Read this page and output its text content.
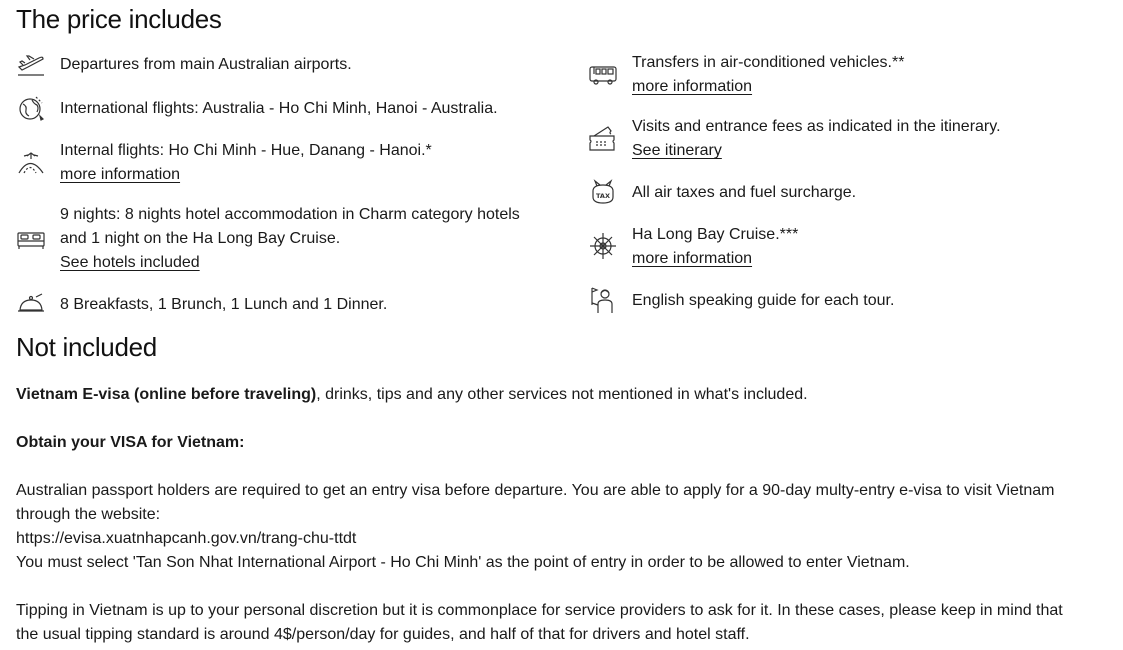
The price includes
Departures from main Australian airports.
International flights: Australia - Ho Chi Minh, Hanoi - Australia.
Internal flights: Ho Chi Minh - Hue, Danang - Hanoi.*
more information
9 nights: 8 nights hotel accommodation in Charm category hotels
and 1 night on the Ha Long Bay Cruise.
See hotels included
8 Breakfasts, 1 Brunch, 1 Lunch and 1 Dinner.
Transfers in air-conditioned vehicles.**
more information
Visits and entrance fees as indicated in the itinerary.
See itinerary
TAX All air taxes and fuel surcharge.
Ha Long Bay Cruise.***
more information
English speaking guide for each tour.
Not included
Vietnam E-visa (online before traveling), drinks, tips and any other services not mentioned in what's included.
Obtain your VISA for Vietnam:
Australian passport holders are required to get an entry visa before departure. You are able to apply for a 90-day multy-entry e-visa to visit Vietnam
through the website:
https://evisa.xuatnhapcanh.gov.vn/trang-chu-ttdt
You must select 'Tan Son Nhat International Airport - Ho Chi Minh' as the point of entry in order to be allowed to enter Vietnam.
Tipping in Vietnam is up to your personal discretion but it is commonplace for service providers to ask for it. In these cases, please keep in mind that
the usual tipping standard is around 4$/person/day for guides, and half of that for drivers and hotel staff.
